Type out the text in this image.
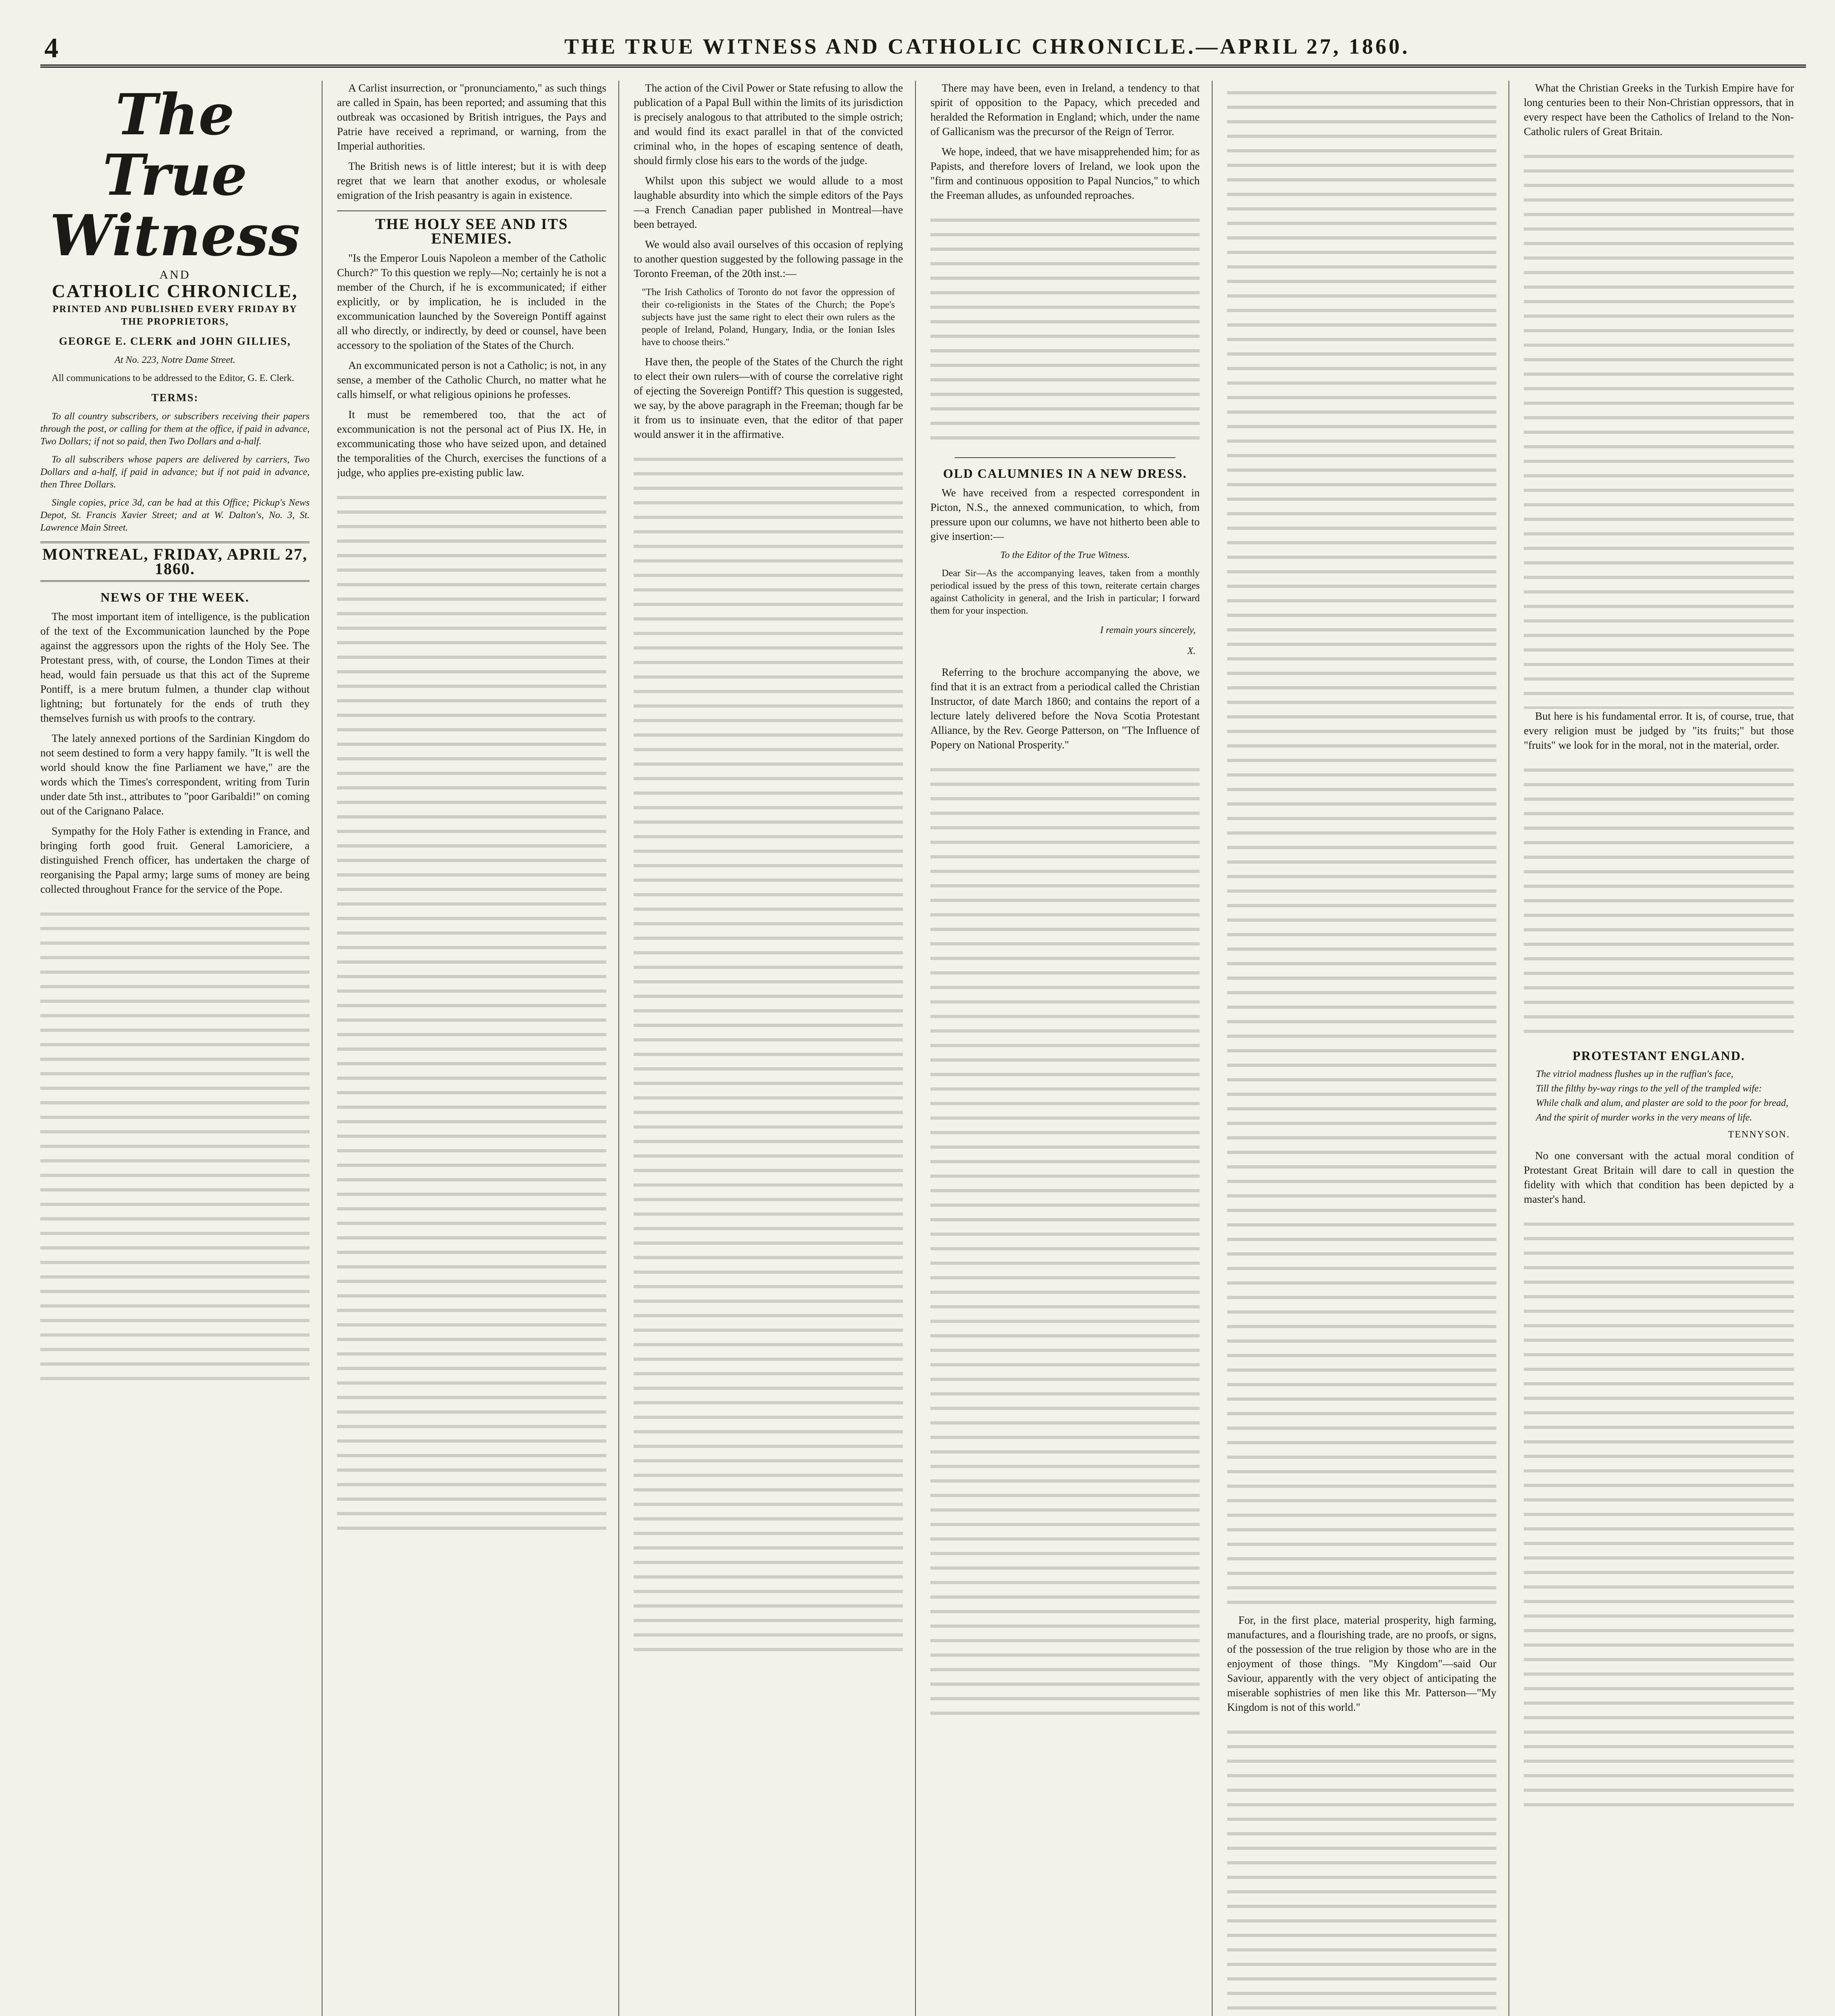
4	THE TRUE WITNESS AND CATHOLIC CHRONICLE.—APRIL 27, 1860.
The True Witness
AND
CATHOLIC CHRONICLE,

PRINTED AND PUBLISHED EVERY FRIDAY BY THE PROPRIETORS,

GEORGE E. CLERK and JOHN GILLIES,

At No. 223, Notre Dame Street.

All communications to be addressed to the Editor, G. E. Clerk.

TERMS:

To all country subscribers, or subscribers receiving their papers through the post, or calling for them at the office, if paid in advance, Two Dollars; if not so paid, then Two Dollars and a-half.

To all subscribers whose papers are delivered by carriers, Two Dollars and a-half, if paid in advance; but if not paid in advance, then Three Dollars.

Single copies, price 3d, can be had at this Office; Pickup's News Depot, St. Francis Xavier Street; and at W. Dalton's, No. 3, St. Lawrence Main Street.

MONTREAL, FRIDAY, APRIL 27, 1860.
NEWS OF THE WEEK.

The most important item of intelligence, is the publication of the text of the Excommunication launched by the Pope against the aggressors upon the rights of the Holy See. The Protestant press, with, of course, the London Times at their head, would fain persuade us that this act of the Supreme Pontiff, is a mere brutum fulmen, a thunder clap without lightning; but fortunately for the ends of truth they themselves furnish us with proofs to the contrary.

The lately annexed portions of the Sardinian Kingdom do not seem destined to form a very happy family. "It is well the world should know the fine Parliament we have," are the words which the Times's correspondent, writing from Turin under date 5th inst., attributes to "poor Garibaldi!" on coming out of the Carignano Palace.

Sympathy for the Holy Father is extending in France, and bringing forth good fruit. General Lamoriciere, a distinguished French officer, has undertaken the charge of reorganising the Papal army; large sums of money are being collected throughout France for the service of the Pope.

A Carlist insurrection, or "pronunciamento," as such things are called in Spain, has been reported; and assuming that this outbreak was occasioned by British intrigues, the Pays and Patrie have received a reprimand, or warning, from the Imperial authorities.

The British news is of little interest; but it is with deep regret that we learn that another exodus, or wholesale emigration of the Irish peasantry is again in existence.

THE HOLY SEE AND ITS ENEMIES.

"Is the Emperor Louis Napoleon a member of the Catholic Church?" To this question we reply—No; certainly he is not a member of the Church, if he is excommunicated; if either explicitly, or by implication, he is included in the excommunication launched by the Sovereign Pontiff against all who directly, or indirectly, by deed or counsel, have been accessory to the spoliation of the States of the Church.

An excommunicated person is not a Catholic; is not, in any sense, a member of the Catholic Church, no matter what he calls himself, or what religious opinions he professes.

It must be remembered too, that the act of excommunication is not the personal act of Pius IX. He, in excommunicating those who have seized upon, and detained the temporalities of the Church, exercises the functions of a judge, who applies pre-existing public law.

The action of the Civil Power or State refusing to allow the publication of a Papal Bull within the limits of its jurisdiction is precisely analogous to that attributed to the simple ostrich; and would find its exact parallel in that of the convicted criminal who, in the hopes of escaping sentence of death, should firmly close his ears to the words of the judge.

Whilst upon this subject we would allude to a most laughable absurdity into which the simple editors of the Pays—a French Canadian paper published in Montreal—have been betrayed.

We would also avail ourselves of this occasion of replying to another question suggested by the following passage in the Toronto Freeman, of the 20th inst.:—

"The Irish Catholics of Toronto do not favor the oppression of their co-religionists in the States of the Church; the Pope's subjects have just the same right to elect their own rulers as the people of Ireland, Poland, Hungary, India, or the Ionian Isles have to choose theirs."

Have then, the people of the States of the Church the right to elect their own rulers—with of course the correlative right of ejecting the Sovereign Pontiff? This question is suggested, we say, by the above paragraph in the Freeman; though far be it from us to insinuate even, that the editor of that paper would answer it in the affirmative.

There may have been, even in Ireland, a tendency to that spirit of opposition to the Papacy, which preceded and heralded the Reformation in England; which, under the name of Gallicanism was the precursor of the Reign of Terror.

We hope, indeed, that we have misapprehended him; for as Papists, and therefore lovers of Ireland, we look upon the "firm and continuous opposition to Papal Nuncios," to which the Freeman alludes, as unfounded reproaches.

OLD CALUMNIES IN A NEW DRESS.

We have received from a respected correspondent in Picton, N.S., the annexed communication, to which, from pressure upon our columns, we have not hitherto been able to give insertion:—

To the Editor of the True Witness.

Dear Sir—As the accompanying leaves, taken from a monthly periodical issued by the press of this town, reiterate certain charges against Catholicity in general, and the Irish in particular; I forward them for your inspection.

I remain yours sincerely,
X.

Referring to the brochure accompanying the above, we find that it is an extract from a periodical called the Christian Instructor, of date March 1860; and contains the report of a lecture lately delivered before the Nova Scotia Protestant Alliance, by the Rev. George Patterson, on "The Influence of Popery on National Prosperity."

For, in the first place, material prosperity, high farming, manufactures, and a flourishing trade, are no proofs, or signs, of the possession of the true religion by those who are in the enjoyment of those things. "My Kingdom"—said Our Saviour, apparently with the very object of anticipating the miserable sophistries of men like this Mr. Patterson—"My Kingdom is not of this world."

What the Christian Greeks in the Turkish Empire have for long centuries been to their Non-Christian oppressors, that in every respect have been the Catholics of Ireland to the Non-Catholic rulers of Great Britain.

But here is his fundamental error. It is, of course, true, that every religion must be judged by "its fruits;" but those "fruits" we look for in the moral, not in the material, order.

PROTESTANT ENGLAND.
The vitriol madness flushes up in the ruffian's face,
Till the filthy by-way rings to the yell of the trampled wife:
While chalk and alum, and plaster are sold to the poor for bread,
And the spirit of murder works in the very means of life.
TENNYSON.

No one conversant with the actual moral condition of Protestant Great Britain will dare to call in question the fidelity with which that condition has been depicted by a master's hand.
